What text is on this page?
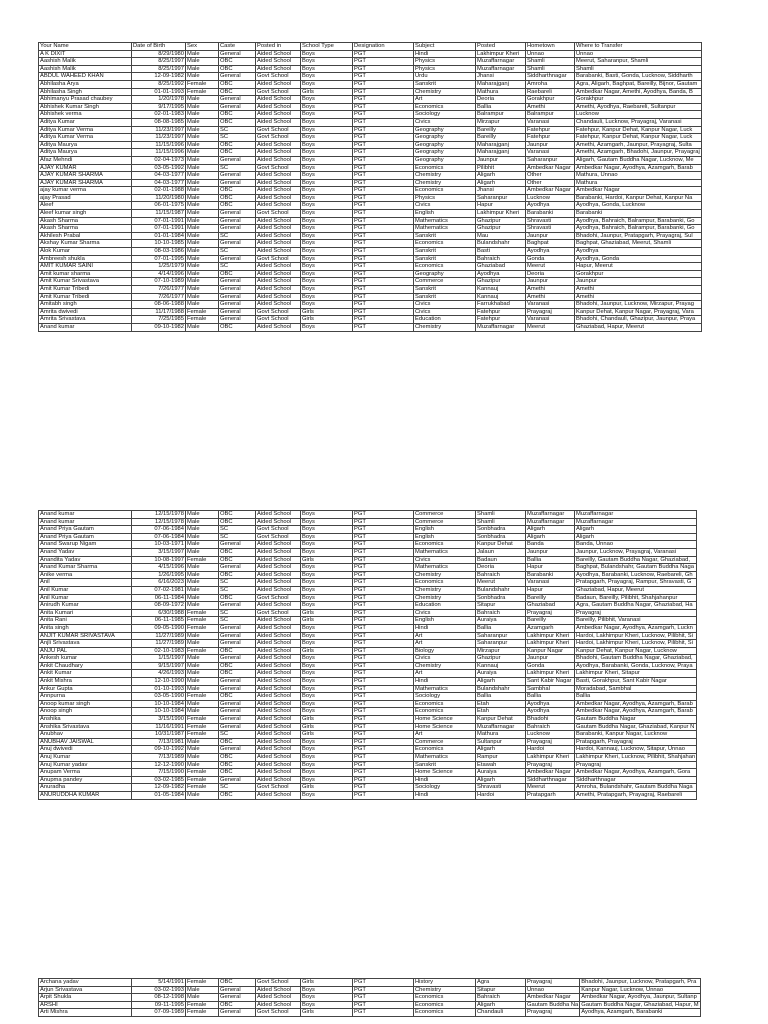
Your Name	Date of Birth	Sex	Caste	Posted in	School Type	Designation	Subject	Posted	Hometown	Where to Transfer
A K DIXIT	8/29/1980	Male	General	Aided School	Boys	PGT	Hindi	Lakhimpur Kheri	Unnao	Unnao
Aashish Malik	8/25/1997	Male	OBC	Aided School	Boys	PGT	Physics	Muzaffarnagar	Shamli	Meerut, Saharanpur, Shamli
Aashish Malik	8/25/1997	Male	OBC	Aided School	Boys	PGT	Physics	Muzaffarnagar	Shamli	Shamli
ABDUL WAHEED KHAN	12-09-1982	Male	General	Govt School	Boys	PGT	Urdu	Jhansi	Siddharthnagar	Barabanki, Basti, Gonda, Lucknow, Siddharth
Abhilasha Arya	8/25/1992	Female	OBC	Aided School	Boys	PGT	Sanskrit	Maharajganj	Amroha	Agra, Aligarh, Baghpat, Bareilly, Bijnor, Gautam
Abhilasha Singh	01-01-1993	Female	OBC	Govt School	Girls	PGT	Chemistry	Mathura	Raebareli	Ambedkar Nagar, Amethi, Ayodhya, Banda, B
Abhimanyu Prasad chaubey	1/20/1978	Male	General	Aided School	Boys	PGT	Art	Deoria	Gorakhpur	Gorakhpur
Abhishek Kumar Singh	9/17/1995	Male	General	Aided School	Boys	PGT	Economics	Ballia	Amethi	Amethi, Ayodhya, Raebareli, Sultanpur
Abhishek verma	02-01-1983	Male	OBC	Aided School	Boys	PGT	Sociology	Balrampur	Balrampur	Lucknow
Aditya Kumar	08-08-1985	Male	OBC	Aided School	Boys	PGT	Civics	Mirzapur	Varanasi	Chandauli, Lucknow, Prayagraj, Varanasi
Aditya Kumar Verma	11/23/1997	Male	SC	Govt School	Boys	PGT	Geography	Bareilly	Fatehpur	Fatehpur, Kanpur Dehat, Kanpur Nagar, Luck
Aditya Kumar Verma	11/23/1997	Male	SC	Govt School	Boys	PGT	Geography	Bareilly	Fatehpur	Fatehpur, Kanpur Dehat, Kanpur Nagar, Luck
Aditya Maurya	11/15/1996	Male	OBC	Aided School	Boys	PGT	Geography	Maharajganj	Jaunpur	Amethi, Azamgarh, Jaunpur, Prayagraj, Sulta
Aditya Maurya	11/15/1996	Male	OBC	Aided School	Boys	PGT	Geography	Maharajganj	Varanasi	Amethi, Azamgarh, Bhadohi, Jaunpur, Prayagraj
Afaz Mehndi	02-04-1973	Male	General	Aided School	Boys	PGT	Geography	Jaunpur	Saharanpur	Aligarh, Gautam Buddha Nagar, Lucknow, Me
AJAY KUMAR	03-05-1992	Male	SC	Govt School	Boys	PGT	Economics	Pilibhit	Ambedkar Nagar	Ambedkar Nagar, Ayodhya, Azamgarh, Barab
AJAY KUMAR SHARMA	04-03-1977	Male	General	Aided School	Boys	PGT	Chemistry	Aligarh	Other	Mathura, Unnao
AJAY KUMAR SHARMA	04-03-1977	Male	General	Aided School	Boys	PGT	Chemistry	Aligarh	Other	Mathura
ajay kumar verma	02-01-1988	Male	OBC	Aided School	Boys	PGT	Economics	Jhansi	Ambedkar Nagar	Ambedkar Nagar
ajay Prasad	11/20/1980	Male	OBC	Aided School	Boys	PGT	Physics	Saharanpur	Lucknow	Barabanki, Hardoi, Kanpur Dehat, Kanpur Na
Aleef	06-01-1975	Male	OBC	Aided School	Boys	PGT	Civics	Hapur	Ayodhya	Ayodhya, Gonda, Lucknow
Aleef kumar singh	11/15/1987	Male	General	Govt School	Boys	PGT	English	Lakhimpur Kheri	Barabanki	Barabanki
Akash Sharma	07-01-1991	Male	General	Aided School	Boys	PGT	Mathematics	Ghazipur	Shravasti	Ayodhya, Bahraich, Balrampur, Barabanki, Go
Akash Sharma	07-01-1991	Male	General	Aided School	Boys	PGT	Mathematics	Ghazipur	Shravasti	Ayodhya, Bahraich, Balrampur, Barabanki, Go
Akhilesh Prabal	01-01-1984	Male	SC	Aided School	Boys	PGT	Sanskrit	Mau	Jaunpur	Bhadohi, Jaunpur, Pratapgarh, Prayagraj, Sul
Akshay Kumar Sharma	10-10-1985	Male	General	Aided School	Boys	PGT	Economics	Bulandshahr	Baghpat	Baghpat, Ghaziabad, Meerut, Shamli
Alok Kumar	08-03-1986	Male	SC	Aided School	Boys	PGT	Sanskrit	Basti	Ayodhya	Ayodhya
Ambreesh shukla	07-01-1995	Male	General	Govt School	Boys	PGT	Sanskrit	Bahraich	Gonda	Ayodhya, Gonda
AMIT KUMAR SAINI	1/25/1979	Male	SC	Aided School	Boys	PGT	Economics	Ghaziabad	Meerut	Hapur, Meerut
Amit kumar sharma	4/14/1996	Male	OBC	Aided School	Boys	PGT	Geography	Ayodhya	Deoria	Gorakhpur
Amit Kumar Srivastava	07-10-1989	Male	General	Aided School	Boys	PGT	Commerce	Ghazipur	Jaunpur	Jaunpur
Amit Kumar Tribedi	7/26/1977	Male	General	Aided School	Boys	PGT	Sanskrit	Kannauj	Amethi	Amethi
Amit Kumar Tribedi	7/26/1977	Male	General	Aided School	Boys	PGT	Sanskrit	Kannauj	Amethi	Amethi
Amitabh singh	08-06-1988	Male	General	Aided School	Boys	PGT	Civics	Farrukhabad	Varanasi	Bhadohi, Jaunpur, Lucknow, Mirzapur, Prayag
Amrita dwivedi	11/17/1988	Female	General	Govt School	Girls	PGT	Civics	Fatehpur	Prayagraj	Kanpur Dehat, Kanpur Nagar, Prayagraj, Vara
Amrita Srivastava	7/25/1985	Female	General	Govt School	Girls	PGT	Education	Fatehpur	Varanasi	Bhadohi, Chandauli, Ghazipur, Jaunpur, Praya
Anand kumar	09-10-1982	Male	OBC	Aided School	Boys	PGT	Chemistry	Muzaffarnagar	Meerut	Ghaziabad, Hapur, Meerut
Anand kumar	12/15/1978	Male	OBC	Aided School	Boys	PGT	Commerce	Shamli	Muzaffarnagar	Muzaffarnagar
Anand kumar	12/15/1978	Male	OBC	Aided School	Boys	PGT	Commerce	Shamli	Muzaffarnagar	Muzaffarnagar
Anand Priya Gautam	07-06-1984	Male	SC	Govt School	Boys	PGT	English	Sonbhadra	Aligarh	Aligarh
Anand Priya Gautam	07-06-1984	Male	SC	Govt School	Boys	PGT	English	Sonbhadra	Aligarh	Aligarh
Anand Swarup Nigam	10-03-1971	Male	General	Aided School	Boys	PGT	Economics	Kanpur Dehat	Banda	Banda, Unnao
Anand Yadav	3/15/1997	Male	OBC	Aided School	Boys	PGT	Mathematics	Jalaun	Jaunpur	Jaunpur, Lucknow, Prayagraj, Varanasi
Anandita Yadav	10-08-1997	Female	OBC	Aided School	Girls	PGT	Civics	Badaun	Ballia	Bareilly, Gautam Buddha Nagar, Ghaziabad,
Anand Kumar Sharma	4/15/1996	Male	General	Aided School	Boys	PGT	Mathematics	Deoria	Hapur	Baghpat, Bulandshahr, Gautam Buddha Naga
Anike verma	1/26/1995	Male	OBC	Aided School	Boys	PGT	Chemistry	Bahraich	Barabanki	Ayodhya, Barabanki, Lucknow, Raebareli, Gh
Anil	6/16/2023	Male	SC	Aided School	Boys	PGT	Economics	Meerut	Varanasi	Pratapgarh, Prayagraj, Rampur, Shravasti, G
Anil Kumar	07-02-1981	Male	SC	Aided School	Boys	PGT	Chemistry	Bulandshahr	Hapur	Ghaziabad, Hapur, Meerut
Anil Kumar	06-11-1984	Male	OBC	Govt School	Boys	PGT	Chemistry	Sonbhadra	Bareilly	Badaun, Bareilly, Pilibhit, Shahjahanpur
Anirudh Kumar	08-09-1972	Male	General	Aided School	Boys	PGT	Education	Sitapur	Ghaziabad	Agra, Gautam Buddha Nagar, Ghaziabad, Ha
Anita Kumari	6/30/1988	Female	SC	Govt School	Girls	PGT	Civics	Bahraich	Prayagraj	Prayagraj
Anita Rani	06-11-1985	Female	SC	Aided School	Girls	PGT	English	Auraiya	Bareilly	Bareilly, Pilibhit, Varanasi
Anita singh	09-05-1990	Female	General	Aided School	Boys	PGT	Hindi	Ballia	Azamgarh	Ambedkar Nagar, Ayodhya, Azamgarh, Luckn
ANJIT KUMAR SRIVASTAVA	11/27/1989	Male	General	Aided School	Boys	PGT	Art	Saharanpur	Lakhimpur Kheri	Hardoi, Lakhimpur Kheri, Lucknow, Pilibhit, Si
Anjli Srivastava	11/27/1989	Male	General	Aided School	Boys	PGT	Art	Saharanpur	Lakhimpur Kheri	Hardoi, Lakhimpur Kheri, Lucknow, Pilibhit, Si
ANJU PAL	02-10-1983	Female	OBC	Aided School	Girls	PGT	Biology	Mirzapur	Kanpur Nagar	Kanpur Dehat, Kanpur Nagar, Lucknow
Ankesh kumar	1/15/1997	Male	General	Aided School	Boys	PGT	Civics	Ghazipur	Jaunpur	Bhadohi, Gautam Buddha Nagar, Ghaziabad,
Ankit Chaudhary	9/15/1997	Male	OBC	Aided School	Boys	PGT	Chemistry	Kannauj	Gonda	Ayodhya, Barabanki, Gonda, Lucknow, Praya
Ankit Kumar	4/26/1993	Male	OBC	Aided School	Boys	PGT	Art	Auraiya	Lakhimpur Kheri	Lakhimpur Kheri, Sitapur
Ankit Mishra	12-10-1990	Male	General	Aided School	Boys	PGT	Hindi	Aligarh	Sant Kabir Nagar	Basti, Gorakhpur, Sant Kabir Nagar
Ankur Gupta	01-10-1993	Male	General	Aided School	Boys	PGT	Mathematics	Bulandshahr	Sambhal	Moradabad, Sambhal
Annpurna	03-05-1990	Female	OBC	Aided School	Boys	PGT	Sociology	Ballia	Ballia	Ballia
Anoop kumar singh	10-10-1984	Male	General	Aided School	Boys	PGT	Economics	Etah	Ayodhya	Ambedkar Nagar, Ayodhya, Azamgarh, Barab
Anoop singh	10-10-1984	Male	General	Aided School	Boys	PGT	Economics	Etah	Ayodhya	Ambedkar Nagar, Ayodhya, Azamgarh, Barab
Anshika	3/15/1990	Female	General	Aided School	Girls	PGT	Home Science	Kanpur Dehat	Bhadohi	Gautam Buddha Nagar
Anshika Srivastava	11/16/1991	Female	General	Aided School	Girls	PGT	Home Science	Muzaffarnagar	Bahraich	Gautam Buddha Nagar, Ghaziabad, Kanpur N
Anubhav	10/31/1987	Female	SC	Aided School	Girls	PGT	Art	Mathura	Lucknow	Barabanki, Kanpur Nagar, Lucknow
ANUBHAV JAISWAL	7/13/1981	Male	OBC	Aided School	Boys	PGT	Commerce	Sultanpur	Prayagraj	Pratapgarh, Prayagraj
Anuj dwivedi	09-10-1992	Male	General	Aided School	Boys	PGT	Economics	Aligarh	Hardoi	Hardoi, Kannauj, Lucknow, Sitapur, Unnao
Anuj Kumar	7/13/1989	Male	OBC	Aided School	Boys	PGT	Mathematics	Rampur	Lakhimpur Kheri	Lakhimpur Kheri, Lucknow, Pilibhit, Shahjahan
Anuj Kumar yadav	12-12-1990	Male	OBC	Aided School	Boys	PGT	Sanskrit	Etawah	Prayagraj	Prayagraj
Anupam Verma	7/15/1990	Female	OBC	Aided School	Boys	PGT	Home Science	Auraiya	Ambedkar Nagar	Ambedkar Nagar, Ayodhya, Azamgarh, Gora
Anupma pandey	03-02-1985	Female	General	Aided School	Boys	PGT	Hindi	Aligarh	Siddharthnagar	Siddharthnagar
Anuradha	12-09-1982	Female	SC	Govt School	Girls	PGT	Sociology	Shravasti	Meerut	Amroha, Bulandshahr, Gautam Buddha Naga
ANURUDDHA KUMAR	01-05-1984	Male	OBC	Aided School	Boys	PGT	Hindi	Hardoi	Pratapgarh	Amethi, Pratapgarh, Prayagraj, Raebareli
Archana yadav	5/14/1991	Female	OBC	Govt School	Girls	PGT	History	Agra	Prayagraj	Bhadohi, Jaunpur, Lucknow, Pratapgarh, Pra
Arjun Srivastava	03-02-1993	Male	General	Aided School	Boys	PGT	Chemistry	Sitapur	Unnao	Kanpur Nagar, Lucknow, Unnao
Arpit Shukla	08-12-1998	Male	General	Aided School	Boys	PGT	Economics	Bahraich	Ambedkar Nagar	Ambedkar Nagar, Ayodhya, Jaunpur, Sultanp
ARSHI	09-11-1995	Female	OBC	Aided School	Boys	PGT	Economics	Aligarh	Gautam Buddha Na	Gautam Buddha Nagar, Ghaziabad, Hapur, M
Arti Mishra	07-09-1989	Female	General	Govt School	Girls	PGT	Economics	Chandauli	Prayagraj	Ayodhya, Azamgarh, Barabanki
